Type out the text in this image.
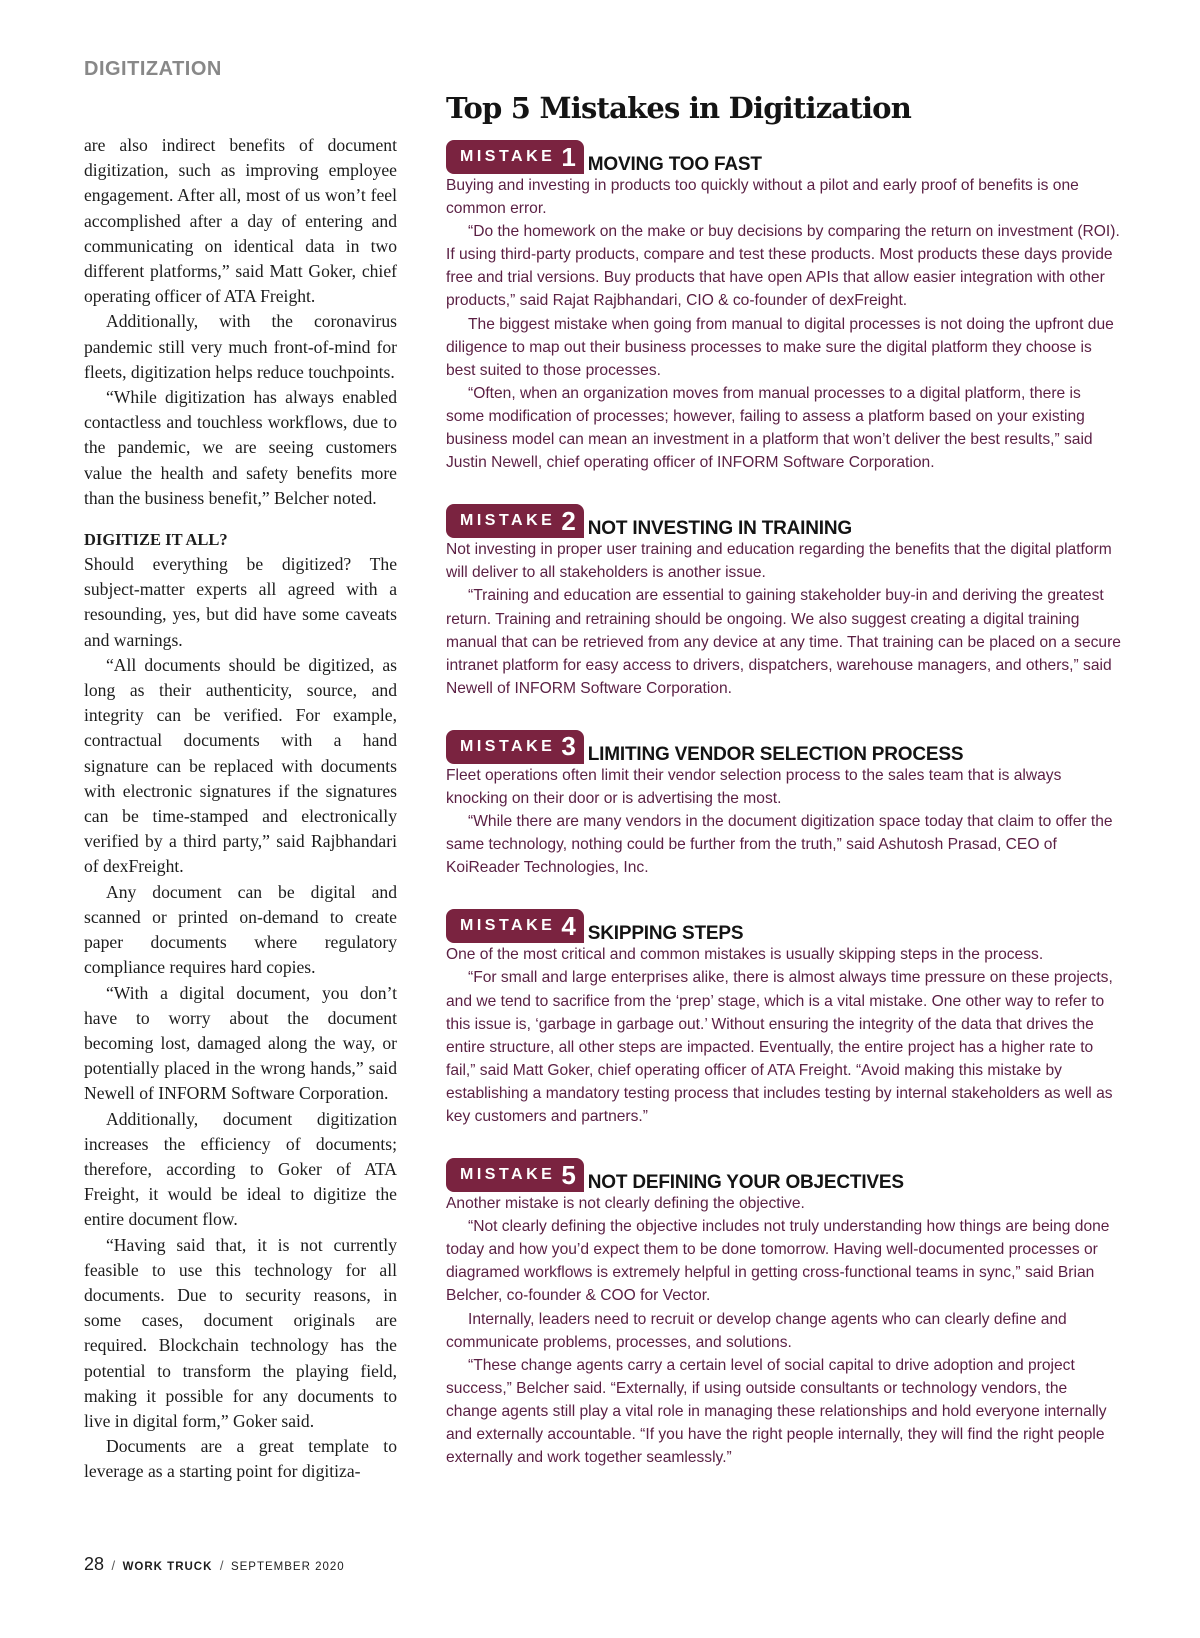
DIGITIZATION

are also indirect benefits of document digitization, such as improving employee engagement. After all, most of us won’t feel accomplished after a day of entering and communicating on identical data in two different platforms,” said Matt Goker, chief operating officer of ATA Freight.

Additionally, with the coronavirus pandemic still very much front-of-mind for fleets, digitization helps reduce touchpoints.

“While digitization has always enabled contactless and touchless workflows, due to the pandemic, we are seeing customers value the health and safety benefits more than the business benefit,” Belcher noted.

DIGITIZE IT ALL?

Should everything be digitized? The subject-matter experts all agreed with a resounding, yes, but did have some caveats and warnings.

“All documents should be digitized, as long as their authenticity, source, and integrity can be verified. For example, contractual documents with a hand signature can be replaced with documents with electronic signatures if the signatures can be time-stamped and electronically verified by a third party,” said Rajbhandari of dexFreight.

Any document can be digital and scanned or printed on-demand to create paper documents where regulatory compliance requires hard copies.

“With a digital document, you don’t have to worry about the document becoming lost, damaged along the way, or potentially placed in the wrong hands,” said Newell of INFORM Software Corporation.

Additionally, document digitization increases the efficiency of documents; therefore, according to Goker of ATA Freight, it would be ideal to digitize the entire document flow.

“Having said that, it is not currently feasible to use this technology for all documents. Due to security reasons, in some cases, document originals are required. Blockchain technology has the potential to transform the playing field, making it possible for any documents to live in digital form,” Goker said.

Documents are a great template to leverage as a starting point for digitiza-

Top 5 Mistakes in Digitization
MISTAKE 1 MOVING TOO FAST

Buying and investing in products too quickly without a pilot and early proof of benefits is one common error.

“Do the homework on the make or buy decisions by comparing the return on investment (ROI). If using third-party products, compare and test these products. Most products these days provide free and trial versions. Buy products that have open APIs that allow easier integration with other products,” said Rajat Rajbhandari, CIO & co-founder of dexFreight.

The biggest mistake when going from manual to digital processes is not doing the upfront due diligence to map out their business processes to make sure the digital platform they choose is best suited to those processes.

“Often, when an organization moves from manual processes to a digital platform, there is some modification of processes; however, failing to assess a platform based on your existing business model can mean an investment in a platform that won’t deliver the best results,” said Justin Newell, chief operating officer of INFORM Software Corporation.

MISTAKE 2 NOT INVESTING IN TRAINING

Not investing in proper user training and education regarding the benefits that the digital platform will deliver to all stakeholders is another issue.

“Training and education are essential to gaining stakeholder buy-in and deriving the greatest return. Training and retraining should be ongoing. We also suggest creating a digital training manual that can be retrieved from any device at any time. That training can be placed on a secure intranet platform for easy access to drivers, dispatchers, warehouse managers, and others,” said Newell of INFORM Software Corporation.

MISTAKE 3 LIMITING VENDOR SELECTION PROCESS

Fleet operations often limit their vendor selection process to the sales team that is always knocking on their door or is advertising the most.

“While there are many vendors in the document digitization space today that claim to offer the same technology, nothing could be further from the truth,” said Ashutosh Prasad, CEO of KoiReader Technologies, Inc.

MISTAKE 4 SKIPPING STEPS

One of the most critical and common mistakes is usually skipping steps in the process.

“For small and large enterprises alike, there is almost always time pressure on these projects, and we tend to sacrifice from the ‘prep’ stage, which is a vital mistake. One other way to refer to this issue is, ‘garbage in garbage out.’ Without ensuring the integrity of the data that drives the entire structure, all other steps are impacted. Eventually, the entire project has a higher rate to fail,” said Matt Goker, chief operating officer of ATA Freight. “Avoid making this mistake by establishing a mandatory testing process that includes testing by internal stakeholders as well as key customers and partners.”

MISTAKE 5 NOT DEFINING YOUR OBJECTIVES

Another mistake is not clearly defining the objective.

“Not clearly defining the objective includes not truly understanding how things are being done today and how you’d expect them to be done tomorrow. Having well-documented processes or diagramed workflows is extremely helpful in getting cross-functional teams in sync,” said Brian Belcher, co-founder & COO for Vector.

Internally, leaders need to recruit or develop change agents who can clearly define and communicate problems, processes, and solutions.

“These change agents carry a certain level of social capital to drive adoption and project success,” Belcher said. “Externally, if using outside consultants or technology vendors, the change agents still play a vital role in managing these relationships and hold everyone internally and externally accountable. “If you have the right people internally, they will find the right people externally and work together seamlessly.”

28 / WORK TRUCK / SEPTEMBER 2020
